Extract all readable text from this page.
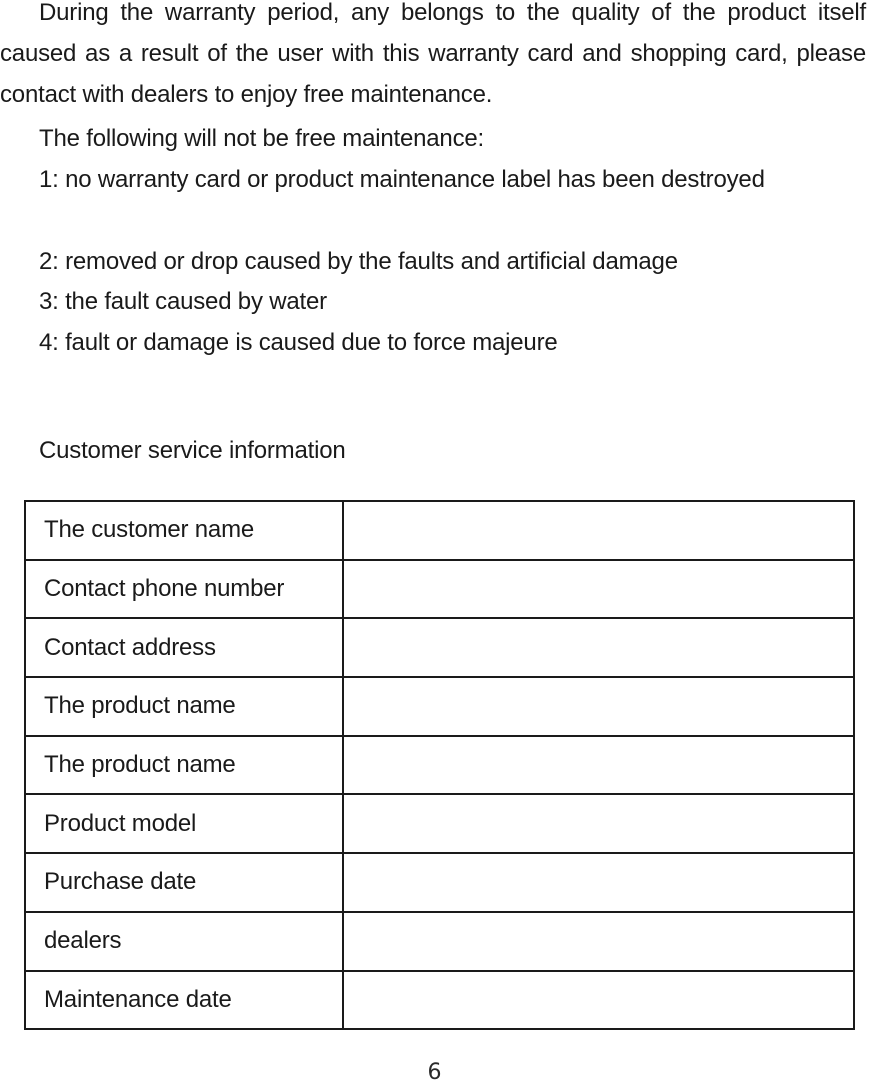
During the warranty period, any belongs to the quality of the product itself caused as a result of the user with this warranty card and shopping card, please contact with dealers to enjoy free maintenance.

The following will not be free maintenance:

1: no warranty card or product maintenance label has been destroyed

2: removed or drop caused by the faults and artificial damage

3: the fault caused by water

4: fault or damage is caused due to force majeure

Customer service information

The customer name	
Contact phone number	
Contact address	
The product name	
The product name	
Product model	
Purchase date	
dealers	
Maintenance date	
6
